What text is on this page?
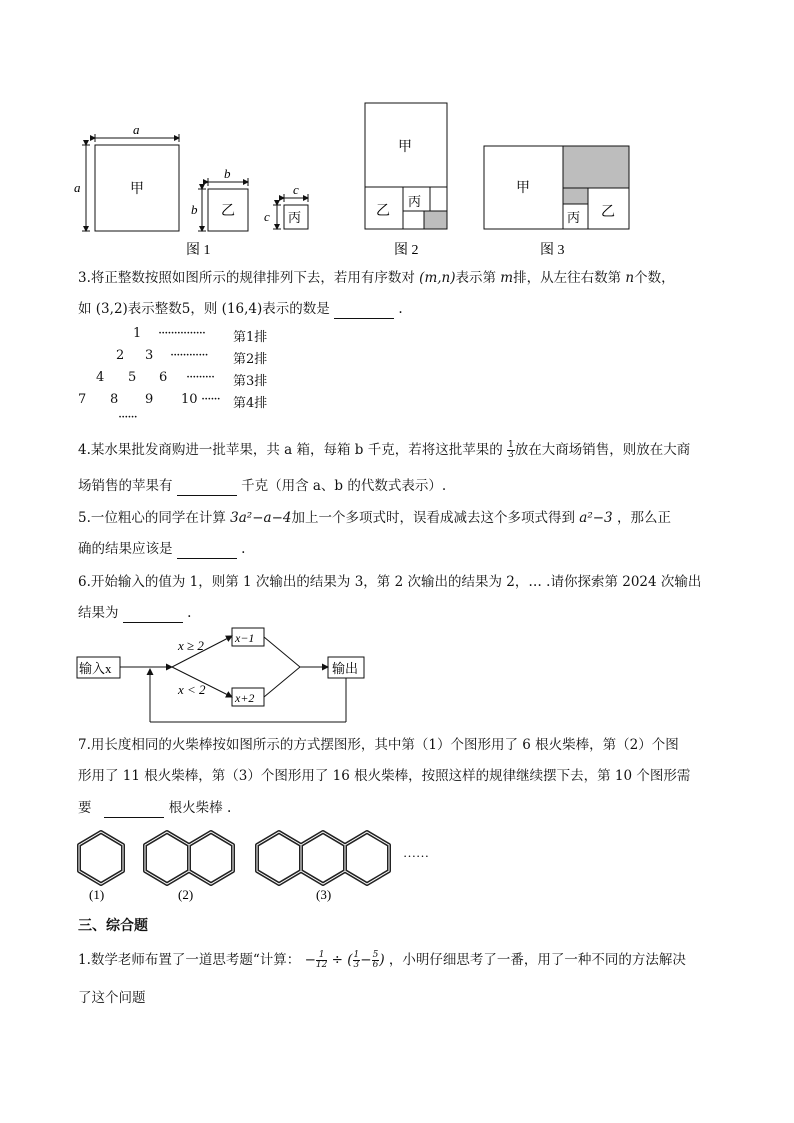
a
a	甲
b
b 乙
c
c 丙
图 1
甲
乙
丙
图 2
甲
乙
丙
图 3
3.将正整数按照如图所示的规律排列下去，若用有序数对 (m,n)表示第 m排，从左往右数第 n个数，
如 (3,2)表示整数5，则 (16,4)表示的数是	.
1 ··············· 第1排
2 3 ············ 第2排
4 5 6 ········· 第3排
7 8 9 10 ······ 第4排
······
4.某水果批发商购进一批苹果，共 a 箱，每箱 b 千克，若将这批苹果的 $\frac{1}{3}$ 放在大商场销售，则放在大商
场销售的苹果有	千克（用含 a、b 的代数式表示）.
5.一位粗心的同学在计算 3a²−a−4加上一个多项式时，误看成减去这个多项式得到 a²−3 ，那么正
确的结果应该是	.
6.开始输入的值为 1，则第 1 次输出的结果为 3，第 2 次输出的结果为 2，… .请你探索第 2024 次输出
结果为	.
输入x
x ≥ 2
x < 2
x−1
x+2
输出
7.用长度相同的火柴棒按如图所示的方式摆图形，其中第（1）个图形用了 6 根火柴棒，第（2）个图
形用了 11 根火柴棒，第（3）个图形用了 16 根火柴棒，按照这样的规律继续摆下去，第 10 个图形需
要	根火柴棒 .
……
(1)	(2)	(3)
三、综合题
1.数学老师布置了一道思考题“计算： − $\frac{1}{12}$ ÷ ( $\frac{1}{3} - \frac{5}{6}$ ) ，小明仔细思考了一番，用了一种不同的方法解决
了这个问题
